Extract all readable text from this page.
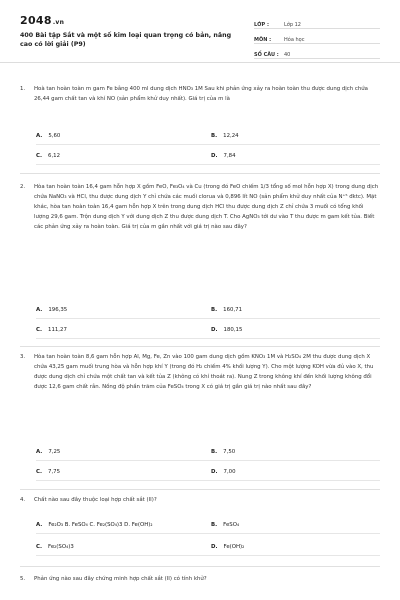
2048.vn
400 Bài tập Sắt và một số kim loại quan trọng có bản, nâng cao có lời giải (P9)
LỚP :	Lớp 12
MÔN :	Hóa học
SỐ CÂU :	40
1. Hoà tan hoàn toàn m gam Fe bằng 400 ml dung dịch HNO₃ 1M Sau khi phản ứng xảy ra hoàn toàn thu được dung dịch chứa 26,44 gam chất tan và khí NO (sản phẩm khử duy nhất). Giá trị của m là
A. 5,60	B. 12,24
C. 6,12	D. 7,84
2. Hòa tan hoàn toàn 16,4 gam hỗn hợp X gồm FeO, Fe₃O₄ và Cu (trong đó FeO chiếm 1/3 tổng số mol hỗn hợp X) trong dung dịch chứa NaNO₃ và HCl, thu được dung dịch Y chỉ chứa các muối clorua và 0,896 lít NO (sản phẩm khử duy nhất của N⁺⁵ đktc). Mặt khác, hòa tan hoàn toàn 16,4 gam hỗn hợp X trên trong dung dịch HCl thu được dung dịch Z chỉ chứa 3 muối có tổng khối lượng 29,6 gam. Trộn dung dịch Y với dung dịch Z thu được dung dịch T. Cho AgNO₃ tới dư vào T thu được m gam kết tủa. Biết các phản ứng xảy ra hoàn toàn. Giá trị của m gần nhất với giá trị nào sau đây?
A. 196,35	B. 160,71
C. 111,27	D. 180,15
3. Hòa tan hoàn toàn 8,6 gam hỗn hợp Al, Mg, Fe, Zn vào 100 gam dung dịch gồm KNO₃ 1M và H₂SO₄ 2M thu được dung dịch X chứa 43,25 gam muối trung hòa và hỗn hợp khí Y (trong đó H₂ chiếm 4% khối lượng Y). Cho một lượng KOH vừa đủ vào X, thu được dung dịch chỉ chứa một chất tan và kết tủa Z (không có khí thoát ra). Nung Z trong không khí đến khối lượng không đổi được 12,6 gam chất rắn. Nồng độ phần trăm của FeSO₄ trong X có giá trị gần giá trị nào nhất sau đây?
A. 7,25	B. 7,50
C. 7,75	D. 7,00
4. Chất nào sau đây thuộc loại hợp chất sắt (II)?
A. Fe₂O₃ B. FeSO₄ C. Fe₂(SO₄)3 D. Fe(OH)₂	B. FeSO₄
C. Fe₂(SO₄)3	D. Fe(OH)₂
5. Phản ứng nào sau đây chứng minh hợp chất sắt (II) có tính khử?
